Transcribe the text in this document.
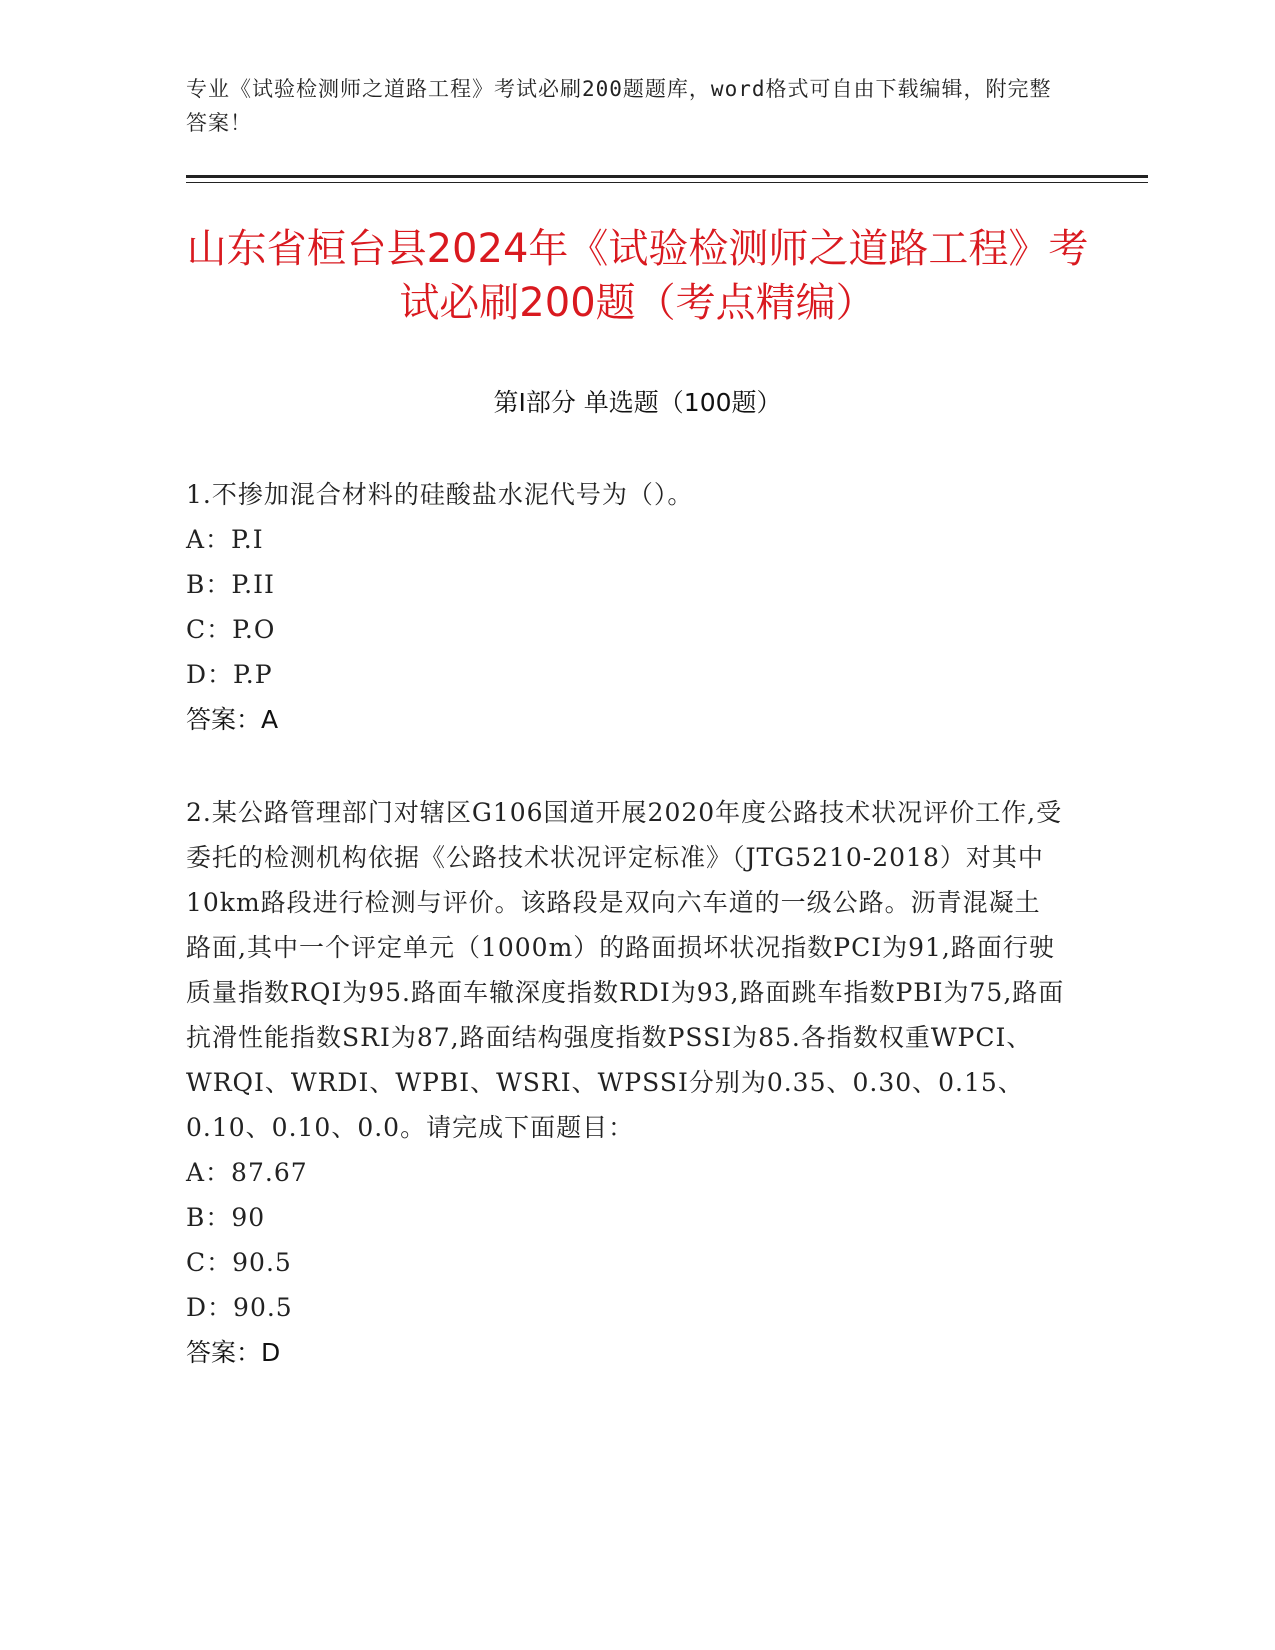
专业《试验检测师之道路工程》考试必刷200题题库，word格式可自由下载编辑，附完整答案！
山东省桓台县2024年《试验检测师之道路工程》考试必刷200题（考点精编）
第Ⅰ部分 单选题（100题）

1.不掺加混合材料的硅酸盐水泥代号为（）。

A：P.I

B：P.II

C：P.O

D：P.P

答案：A

2.某公路管理部门对辖区G106国道开展2020年度公路技术状况评价工作,受委托的检测机构依据《公路技术状况评定标准》（JTG5210-2018）对其中10km路段进行检测与评价。该路段是双向六车道的一级公路。沥青混凝土路面,其中一个评定单元（1000m）的路面损坏状况指数PCI为91,路面行驶质量指数RQI为95.路面车辙深度指数RDI为93,路面跳车指数PBI为75,路面抗滑性能指数SRI为87,路面结构强度指数PSSI为85.各指数权重WPCI、WRQI、WRDI、WPBI、WSRI、WPSSI分别为0.35、0.30、0.15、0.10、0.10、0.0。请完成下面题目：

A：87.67

B：90

C：90.5

D：90.5

答案：D
